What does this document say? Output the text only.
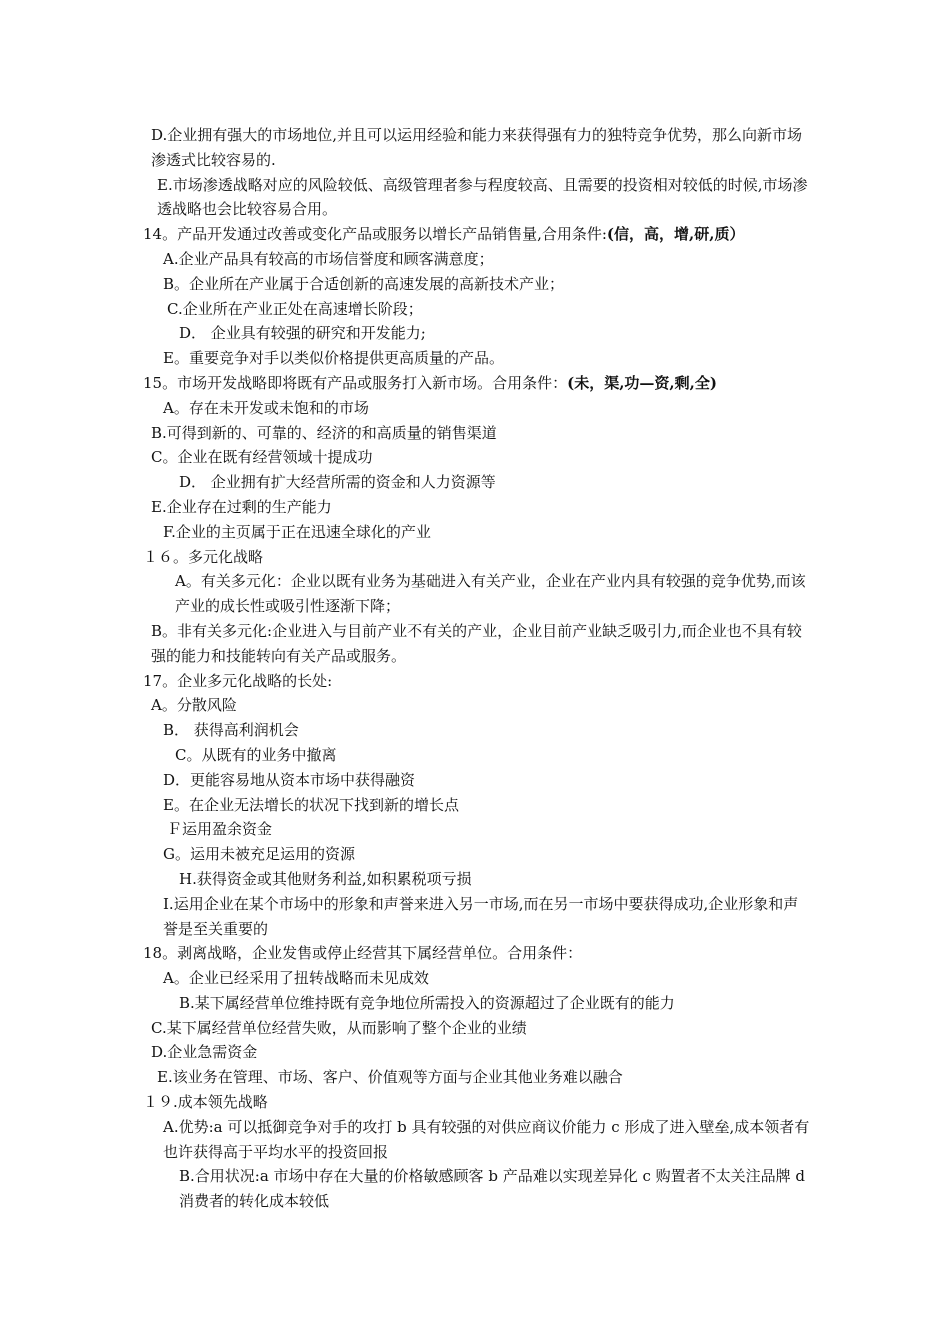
D.企业拥有强大的市场地位,并且可以运用经验和能力来获得强有力的独特竞争优势，那么向新市场渗透式比较容易的.
E.市场渗透战略对应的风险较低、高级管理者参与程度较高、且需要的投资相对较低的时候,市场渗透战略也会比较容易合用。
14。产品开发通过改善或变化产品或服务以增长产品销售量,合用条件:(信，高，增,研,质）
A.企业产品具有较高的市场信誉度和顾客满意度；
B。企业所在产业属于合适创新的高速发展的高新技术产业；
C.企业所在产业正处在高速增长阶段；
D． 企业具有较强的研究和开发能力;
E。重要竞争对手以类似价格提供更高质量的产品。
15。市场开发战略即将既有产品或服务打入新市场。合用条件：(未，渠,功—资,剩,全)
A。存在未开发或未饱和的市场
B.可得到新的、可靠的、经济的和高质量的销售渠道
C。企业在既有经营领域十提成功
D． 企业拥有扩大经营所需的资金和人力资源等
E.企业存在过剩的生产能力
F.企业的主页属于正在迅速全球化的产业
１６。多元化战略
A。有关多元化：企业以既有业务为基础进入有关产业，企业在产业内具有较强的竞争优势,而该产业的成长性或吸引性逐渐下降；
B。非有关多元化:企业进入与目前产业不有关的产业，企业目前产业缺乏吸引力,而企业也不具有较强的能力和技能转向有关产品或服务。
17。企业多元化战略的长处:
A。分散风险
B． 获得高利润机会
C。从既有的业务中撤离
D．更能容易地从资本市场中获得融资
E。在企业无法增长的状况下找到新的增长点
Ｆ运用盈余资金
G。运用未被充足运用的资源
H.获得资金或其他财务利益,如积累税项亏损
I.运用企业在某个市场中的形象和声誉来进入另一市场,而在另一市场中要获得成功,企业形象和声誉是至关重要的
18。剥离战略，企业发售或停止经营其下属经营单位。合用条件：
A。企业已经采用了扭转战略而未见成效
B.某下属经营单位维持既有竞争地位所需投入的资源超过了企业既有的能力
C.某下属经营单位经营失败，从而影响了整个企业的业绩
D.企业急需资金
E.该业务在管理、市场、客户、价值观等方面与企业其他业务难以融合
１９.成本领先战略
A.优势:a 可以抵御竞争对手的攻打 b 具有较强的对供应商议价能力 c 形成了进入壁垒,成本领者有也许获得高于平均水平的投资回报
B.合用状况:a 市场中存在大量的价格敏感顾客 b 产品难以实现差异化 c 购置者不太关注品牌 d 消费者的转化成本较低
